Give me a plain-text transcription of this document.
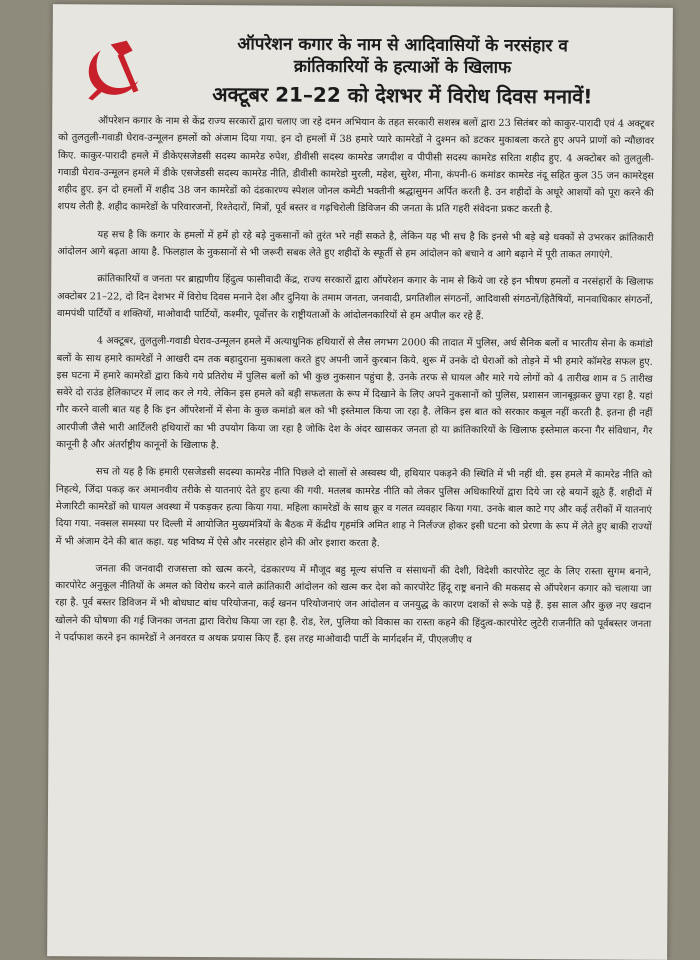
ऑपरेशन कगार के नाम से आदिवासियों के नरसंहार व
क्रांतिकारियों के हत्याओं के खिलाफ
अक्टूबर 21–22 को देशभर में विरोध दिवस मनावें!

ऑपरेशन कगार के नाम से केंद्र राज्य सरकारों द्वारा चलाए जा रहे दमन अभियान के तहत सरकारी सशस्त्र बलों द्वारा 23 सितंबर को काकुर-पारादी एवं 4 अक्टूबर को तुलतुली-गवाडी घेराव-उन्मूलन हमलों को अंजाम दिया गया. इन दो हमलों में 38 हमारे प्यारे कामरेडों ने दुश्मन को डटकर मुकाबला करते हुए अपने प्राणों को न्यौछावर किए. काकुर-पारादी हमले में डीकेएसजेडसी सदस्य कामरेड रुपेश, डीवीसी सदस्य कामरेड जगदीश व पीपीसी सदस्य कामरेड सरिता शहीद हुए. 4 अक्टोबर को तुलतुली-गवाडी घेराव-उन्मूलन हमले में डीके एसजेडसी सदस्य कामरेड नीति, डीवीसी कामरेडो मुरली, महेश, सुरेश, मीना, कंपनी-6 कमांडर कामरेड नंदू सहित कुल 35 जन कामरेड्स शहीद हुए. इन दो हमलों में शहीद 38 जन कामरेडों को दंडकारण्य स्पेशल जोनल कमेटी भक्तीनी श्रद्धासुमन अर्पित करती है. उन शहीदों के अधूरे आशयों को पूरा करने की शपथ लेती है. शहीद कामरेडों के परिवारजनों, रिश्तेदारों, मित्रों, पूर्व बस्तर व गढ़चिरोली डिविजन की जनता के प्रति गहरी संवेदना प्रकट करती है.

यह सच है कि कगार के हमलों में हमें हो रहे बड़े नुकसानों को तुरंत भरे नहीं सकते है, लेकिन यह भी सच है कि इनसे भी बड़े बड़े धक्कों से उभरकर क्रांतिकारी आंदोलन आगे बढ़ता आया है. फिलहाल के नुकसानों से भी जरूरी सबक लेते हुए शहीदों के स्फूर्ती से हम आंदोलन को बचाने व आगे बढ़ाने में पूरी ताकत लगाएंगे.

क्रांतिकारियों व जनता पर ब्राह्मणीय हिंदुत्व फासीवादी केंद्र, राज्य सरकारों द्वारा ऑपरेशन कगार के नाम से किये जा रहे इन भीषण हमलों व नरसंहारों के खिलाफ अक्टोबर 21–22, दो दिन देशभर में विरोध दिवस मनाने देश और दुनिया के तमाम जनता, जनवादी, प्रगतिशील संगठनों, आदिवासी संगठनों/हितैषियों, मानवाधिकार संगठनों, वामपंथी पार्टियों व शक्तियों, माओवादी पार्टियों, कश्मीर, पूर्वोत्तर के राष्ट्रीयताओं के आंदोलनकारियों से हम अपील कर रहे हैं.

4 अक्टूबर, तुलतुली-गवाडी घेराव-उन्मूलन हमले में अत्याधुनिक हथियारों से लैस लगभग 2000 की तादात में पुलिस, अर्ध सैनिक बलों व भारतीय सेना के कमांडो बलों के साथ हमारे कामरेडों ने आखरी दम तक बहादुराना मुकाबला करते हुए अपनी जानें कुरबान किये. शुरू में उनके दो घेराओं को तोड़ने में भी हमारे कॉमरेड सफल हुए. इस घटना में हमारे कामरेडों द्वारा किये गये प्रतिरोध में पुलिस बलों को भी कुछ नुकसान पहुंचा है. उनके तरफ से घायल और मारे गये लोगों को 4 तारीख शाम व 5 तारीख सवेरे दो राउंड हेलिकाप्टर में लाद कर ले गये. लेकिन इस हमले को बड़ी सफलता के रूप में दिखाने के लिए अपने नुकसानों को पुलिस, प्रशासन जानबूझकर छुपा रहा है. यहां गौर करने वाली बात यह है कि इन ऑपरेशनों में सेना के कुछ कमांडो बल को भी इस्तेमाल किया जा रहा है. लेकिन इस बात को सरकार कबूल नहीं करती है. इतना ही नहीं आरपीजी जैसे भारी आर्टिलरी हथियारों का भी उपयोग किया जा रहा है जोकि देश के अंदर खासकर जनता हो या क्रांतिकारियों के खिलाफ इस्तेमाल करना गैर संविधान, गैर कानूनी है और अंतर्राष्ट्रीय कानूनों के खिलाफ है.

सच तो यह है कि हमारी एसजेडसी सदस्या कामरेड नीति पिछले दो सालों से अस्वस्थ थी, हथियार पकड़ने की स्थिति में भी नहीं थी. इस हमले में कामरेड नीति को निहत्थे, जिंदा पकड़ कर अमानवीय तरीके से यातनाएं देते हुए हत्या की गयी. मतलब कामरेड नीति को लेकर पुलिस अधिकारियों द्वारा दिये जा रहे बयानें झूठे हैं. शहीदों में मेजारिटी कामरेडों को घायल अवस्था में पकड़कर हत्या किया गया. महिला कामरेडों के साथ क्रूर व गलत व्यवहार किया गया. उनके बाल काटे गए और कई तरीकों में यातनाएं दिया गया. नक्सल समस्या पर दिल्ली में आयोजित मुख्यमंत्रियों के बैठक में केंद्रीय गृहमंत्रि अमित शाह ने निर्लज्ज होकर इसी घटना को प्रेरणा के रूप में लेते हुए बाकी राज्यों में भी अंजाम देने की बात कहा. यह भविष्य में ऐसे और नरसंहार होने की ओर इशारा करता है.

जनता की जनवादी राजसत्ता को खत्म करने, दंडकारण्य में मौजूद बहु मूल्य संपत्ति व संसाधनों की देशी, विदेशी कारपोरेट लूट के लिए रास्ता सुगम बनाने, कारपोरेट अनुकूल नीतियों के अमल को विरोध करने वाले क्रांतिकारी आंदोलन को खत्म कर देश को कारपोरेट हिंदू राष्ट्र बनाने की मकसद से ऑपरेशन कगार को चलाया जा रहा है. पूर्व बस्तर डिविजन में भी बोधघाट बांध परियोजना, कई खनन परियोजनाएं जन आंदोलन व जनयुद्ध के कारण दशकों से रूके पड़े हैं. इस साल और कुछ नए खदान खोलने की घोषणा की गई जिनका जनता द्वारा विरोध किया जा रहा है. रोड, रेल, पुलिया को विकास का रास्ता कहने की हिंदुत्व-कारपोरेट लुटेरी राजनीति को पूर्वबस्तर जनता ने पर्दाफाश करने इन कामरेडों ने अनवरत व अथक प्रयास किए हैं. इस तरह माओवादी पार्टी के मार्गदर्शन में, पीएलजीए व
